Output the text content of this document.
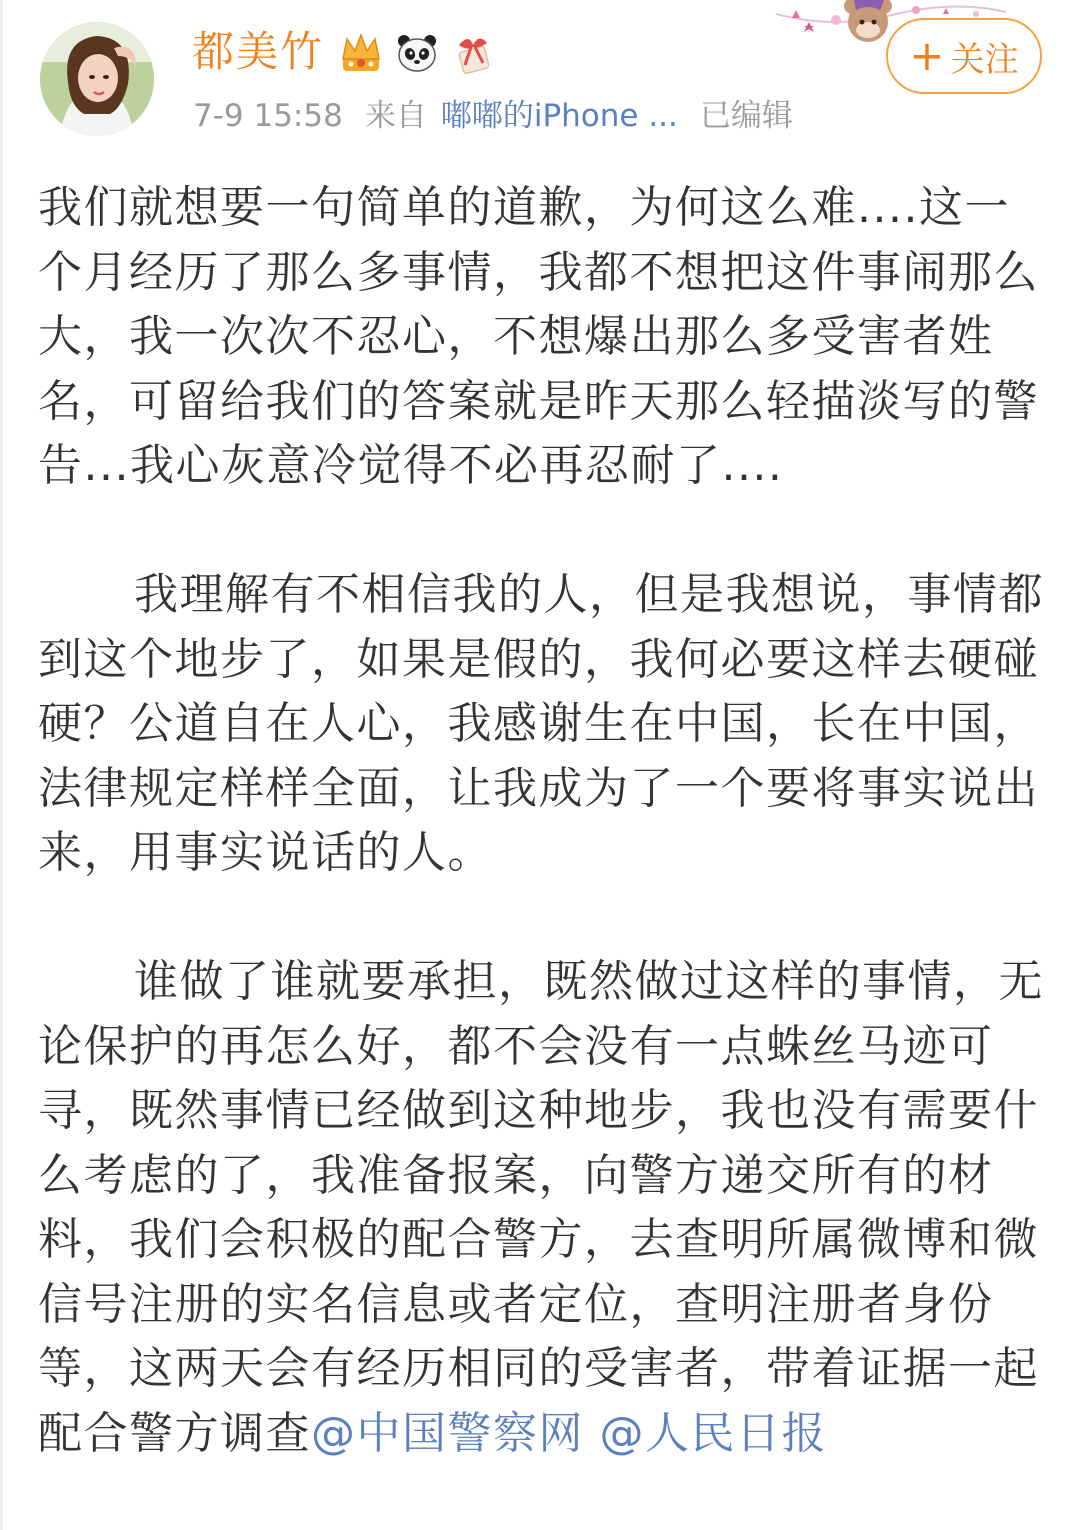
都美竹
7-9 15:58 来自 嘟嘟的iPhone ... 已编辑
+ 关注

我们就想要一句简单的道歉，为何这么难....这一个月经历了那么多事情，我都不想把这件事闹那么大，我一次次不忍心，不想爆出那么多受害者姓名，可留给我们的答案就是昨天那么轻描淡写的警告...我心灰意冷觉得不必再忍耐了....

我理解有不相信我的人，但是我想说，事情都到这个地步了，如果是假的，我何必要这样去硬碰硬？公道自在人心，我感谢生在中国，长在中国，法律规定样样全面，让我成为了一个要将事实说出来，用事实说话的人。

谁做了谁就要承担，既然做过这样的事情，无论保护的再怎么好，都不会没有一点蛛丝马迹可寻，既然事情已经做到这种地步，我也没有需要什么考虑的了，我准备报案，向警方递交所有的材料，我们会积极的配合警方，去查明所属微博和微信号注册的实名信息或者定位，查明注册者身份等，这两天会有经历相同的受害者，带着证据一起配合警方调查@中国警察网 @人民日报
